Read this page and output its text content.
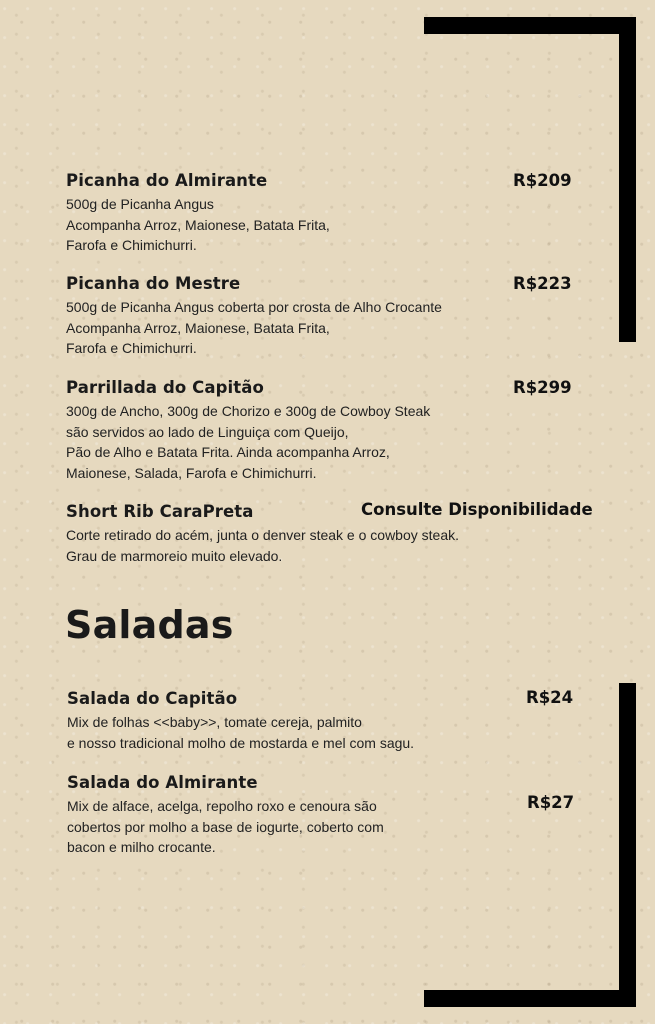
Picanha do Almirante

500g de Picanha Angus
Acompanha Arroz, Maionese, Batata Frita,
Farofa e Chimichurri.

R$209

Picanha do Mestre

500g de Picanha Angus coberta por crosta de Alho Crocante
Acompanha Arroz, Maionese, Batata Frita,
Farofa e Chimichurri.

R$223

Parrillada do Capitão

300g de Ancho, 300g de Chorizo e 300g de Cowboy Steak
são servidos ao lado de Linguiça com Queijo,
Pão de Alho e Batata Frita. Ainda acompanha Arroz,
Maionese, Salada, Farofa e Chimichurri.

R$299

Short Rib CaraPreta

Corte retirado do acém, junta o denver steak e o cowboy steak.
Grau de marmoreio muito elevado.

Consulte Disponibilidade
Saladas

Salada do Capitão

Mix de folhas <<baby>>, tomate cereja, palmito
e nosso tradicional molho de mostarda e mel com sagu.

R$24

Salada do Almirante

Mix de alface, acelga, repolho roxo e cenoura são
cobertos por molho a base de iogurte, coberto com
bacon e milho crocante.

R$27
